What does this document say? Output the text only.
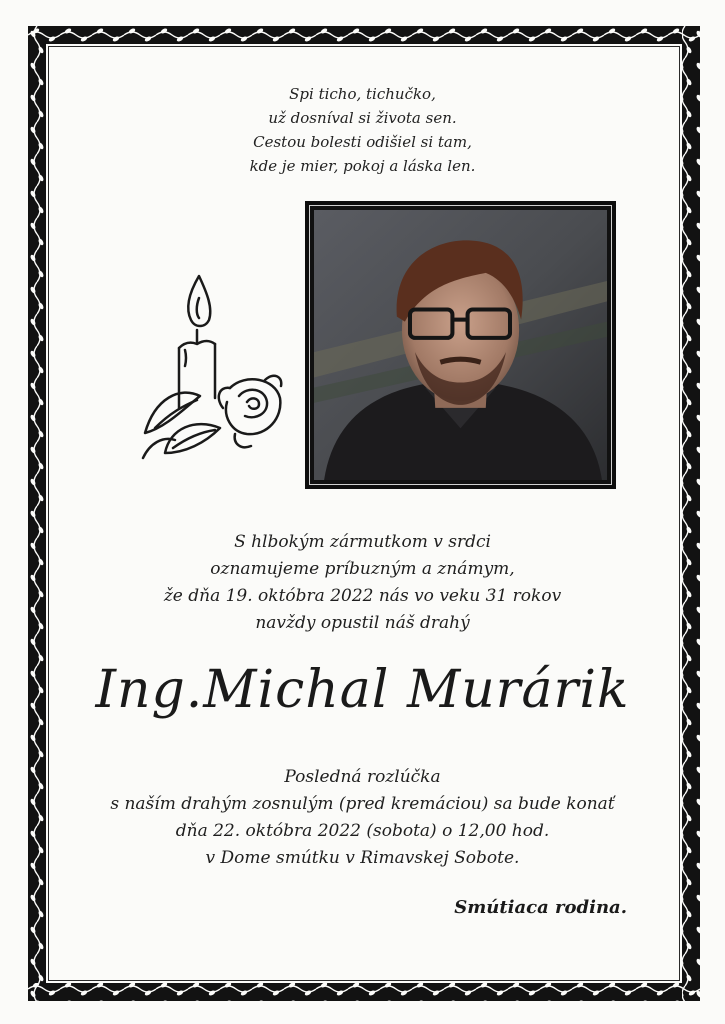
Spi ticho, tichučko,
už dosníval si života sen.
Cestou bolesti odišiel si tam,
kde je mier, pokoj a láska len.
S hlbokým zármutkom v srdci
oznamujeme príbuzným a známym,
že dňa 19. októbra 2022 nás vo veku 31 rokov
navždy opustil náš drahý
Ing.Michal Murárik
Posledná rozlúčka
s naším drahým zosnulým (pred kremáciou) sa bude konať
dňa 22. októbra 2022 (sobota) o 12,00 hod.
v Dome smútku v Rimavskej Sobote.
Smútiaca rodina.
